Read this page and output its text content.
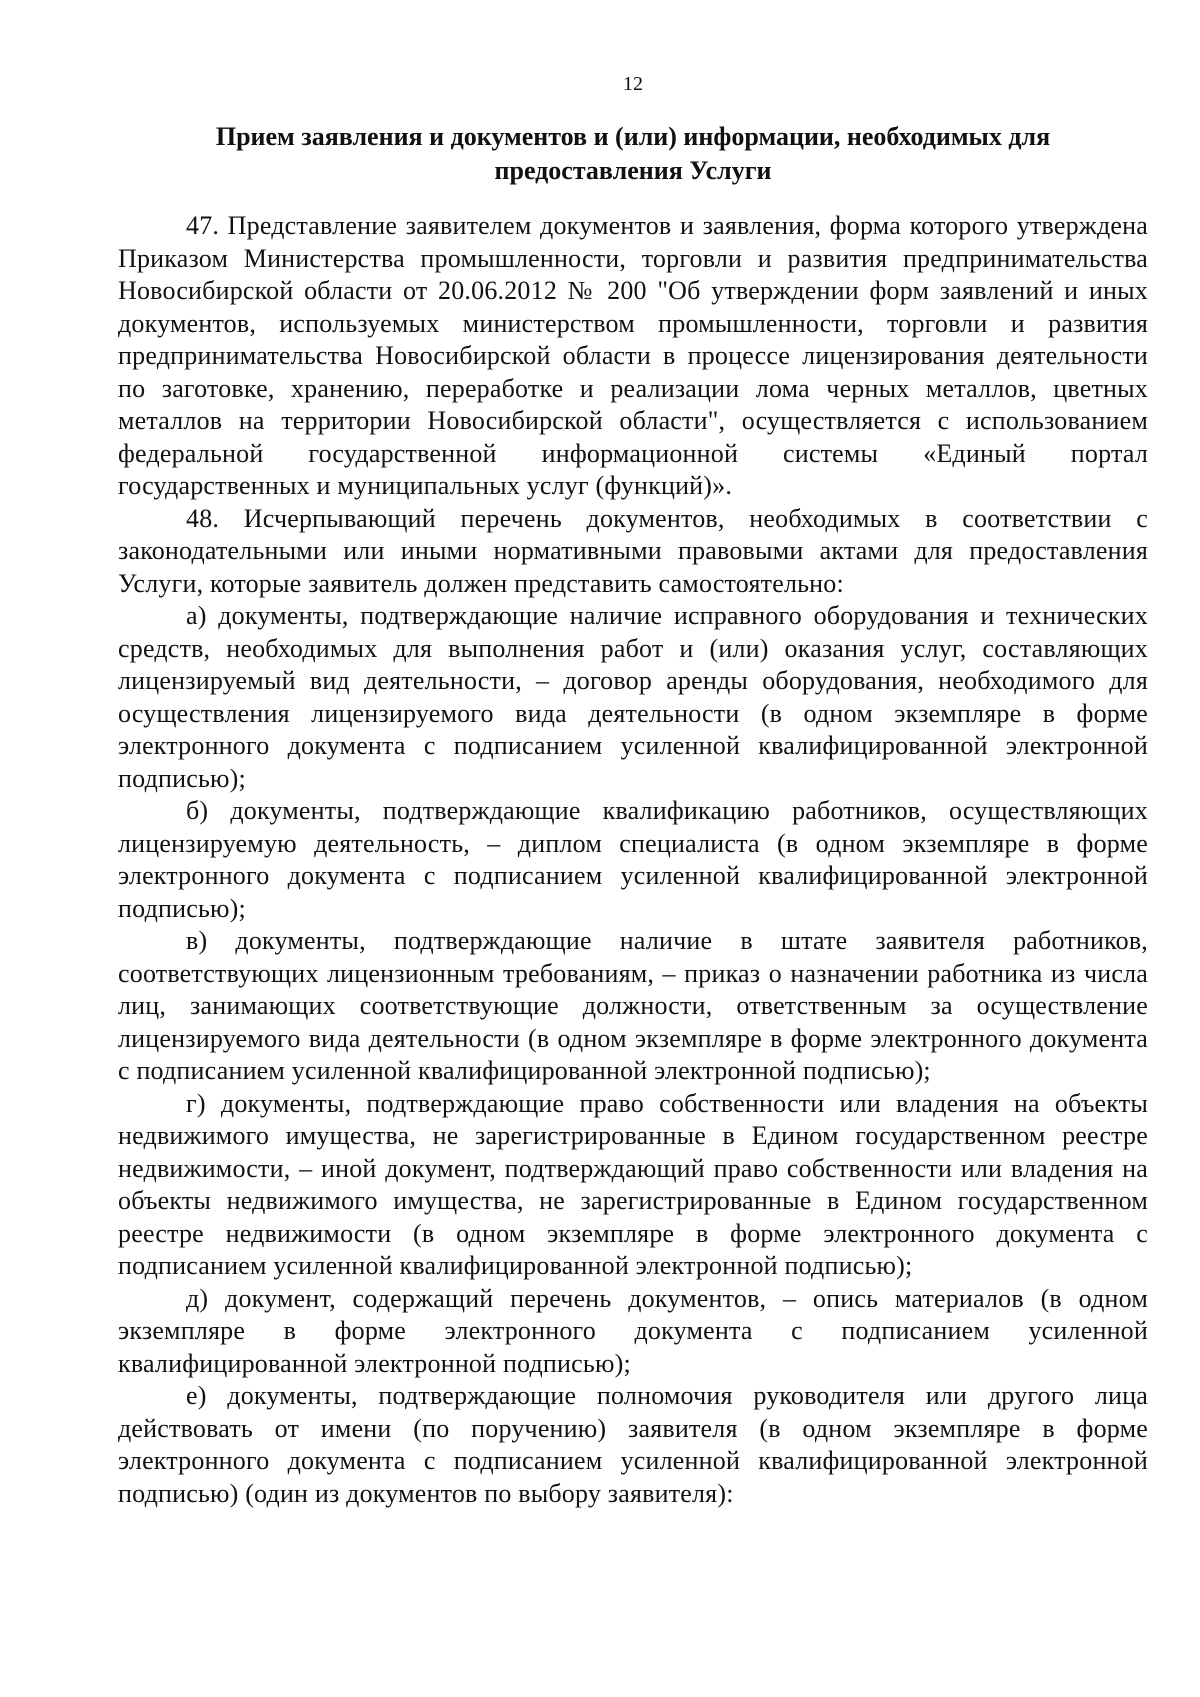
12
Прием заявления и документов и (или) информации, необходимых для
предоставления Услуги

47. Представление заявителем документов и заявления, форма которого утверждена Приказом Министерства промышленности, торговли и развития предпринимательства Новосибирской области от 20.06.2012 № 200 "Об утверждении форм заявлений и иных документов, используемых министерством промышленности, торговли и развития предпринимательства Новосибирской области в процессе лицензирования деятельности по заготовке, хранению, переработке и реализации лома черных металлов, цветных металлов на территории Новосибирской области", осуществляется с использованием федеральной государственной информационной системы «Единый портал государственных и муниципальных услуг (функций)».

48. Исчерпывающий перечень документов, необходимых в соответствии с законодательными или иными нормативными правовыми актами для предоставления Услуги, которые заявитель должен представить самостоятельно:

а) документы, подтверждающие наличие исправного оборудования и технических средств, необходимых для выполнения работ и (или) оказания услуг, составляющих лицензируемый вид деятельности, – договор аренды оборудования, необходимого для осуществления лицензируемого вида деятельности (в одном экземпляре в форме электронного документа с подписанием усиленной квалифицированной электронной подписью);

б) документы, подтверждающие квалификацию работников, осуществляющих лицензируемую деятельность, – диплом специалиста (в одном экземпляре в форме электронного документа с подписанием усиленной квалифицированной электронной подписью);

в) документы, подтверждающие наличие в штате заявителя работников, соответствующих лицензионным требованиям, – приказ о назначении работника из числа лиц, занимающих соответствующие должности, ответственным за осуществление лицензируемого вида деятельности (в одном экземпляре в форме электронного документа с подписанием усиленной квалифицированной электронной подписью);

г) документы, подтверждающие право собственности или владения на объекты недвижимого имущества, не зарегистрированные в Едином государственном реестре недвижимости, – иной документ, подтверждающий право собственности или владения на объекты недвижимого имущества, не зарегистрированные в Едином государственном реестре недвижимости (в одном экземпляре в форме электронного документа с подписанием усиленной квалифицированной электронной подписью);

д) документ, содержащий перечень документов, – опись материалов (в одном экземпляре в форме электронного документа с подписанием усиленной квалифицированной электронной подписью);

е) документы, подтверждающие полномочия руководителя или другого лица действовать от имени (по поручению) заявителя (в одном экземпляре в форме электронного документа с подписанием усиленной квалифицированной электронной подписью) (один из документов по выбору заявителя):
